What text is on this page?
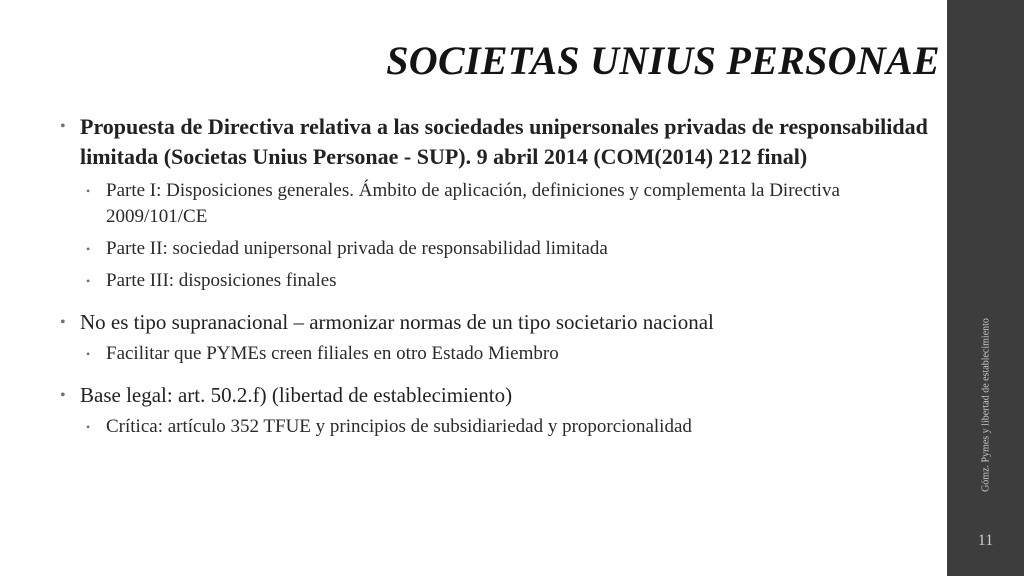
SOCIETAS UNIUS PERSONAE
Gómz. Pymes y libertad de establecimiento
11
• Propuesta de Directiva relativa a las sociedades unipersonales privadas de responsabilidad limitada (Societas Unius Personae - SUP). 9 abril 2014 (COM(2014) 212 final)
• Parte I: Disposiciones generales. Ámbito de aplicación, definiciones y complementa la Directiva 2009/101/CE
• Parte II: sociedad unipersonal privada de responsabilidad limitada
• Parte III: disposiciones finales
• No es tipo supranacional – armonizar normas de un tipo societario nacional
• Facilitar que PYMEs creen filiales en otro Estado Miembro
• Base legal: art. 50.2.f) (libertad de establecimiento)
• Crítica: artículo 352 TFUE y principios de subsidiariedad y proporcionalidad
